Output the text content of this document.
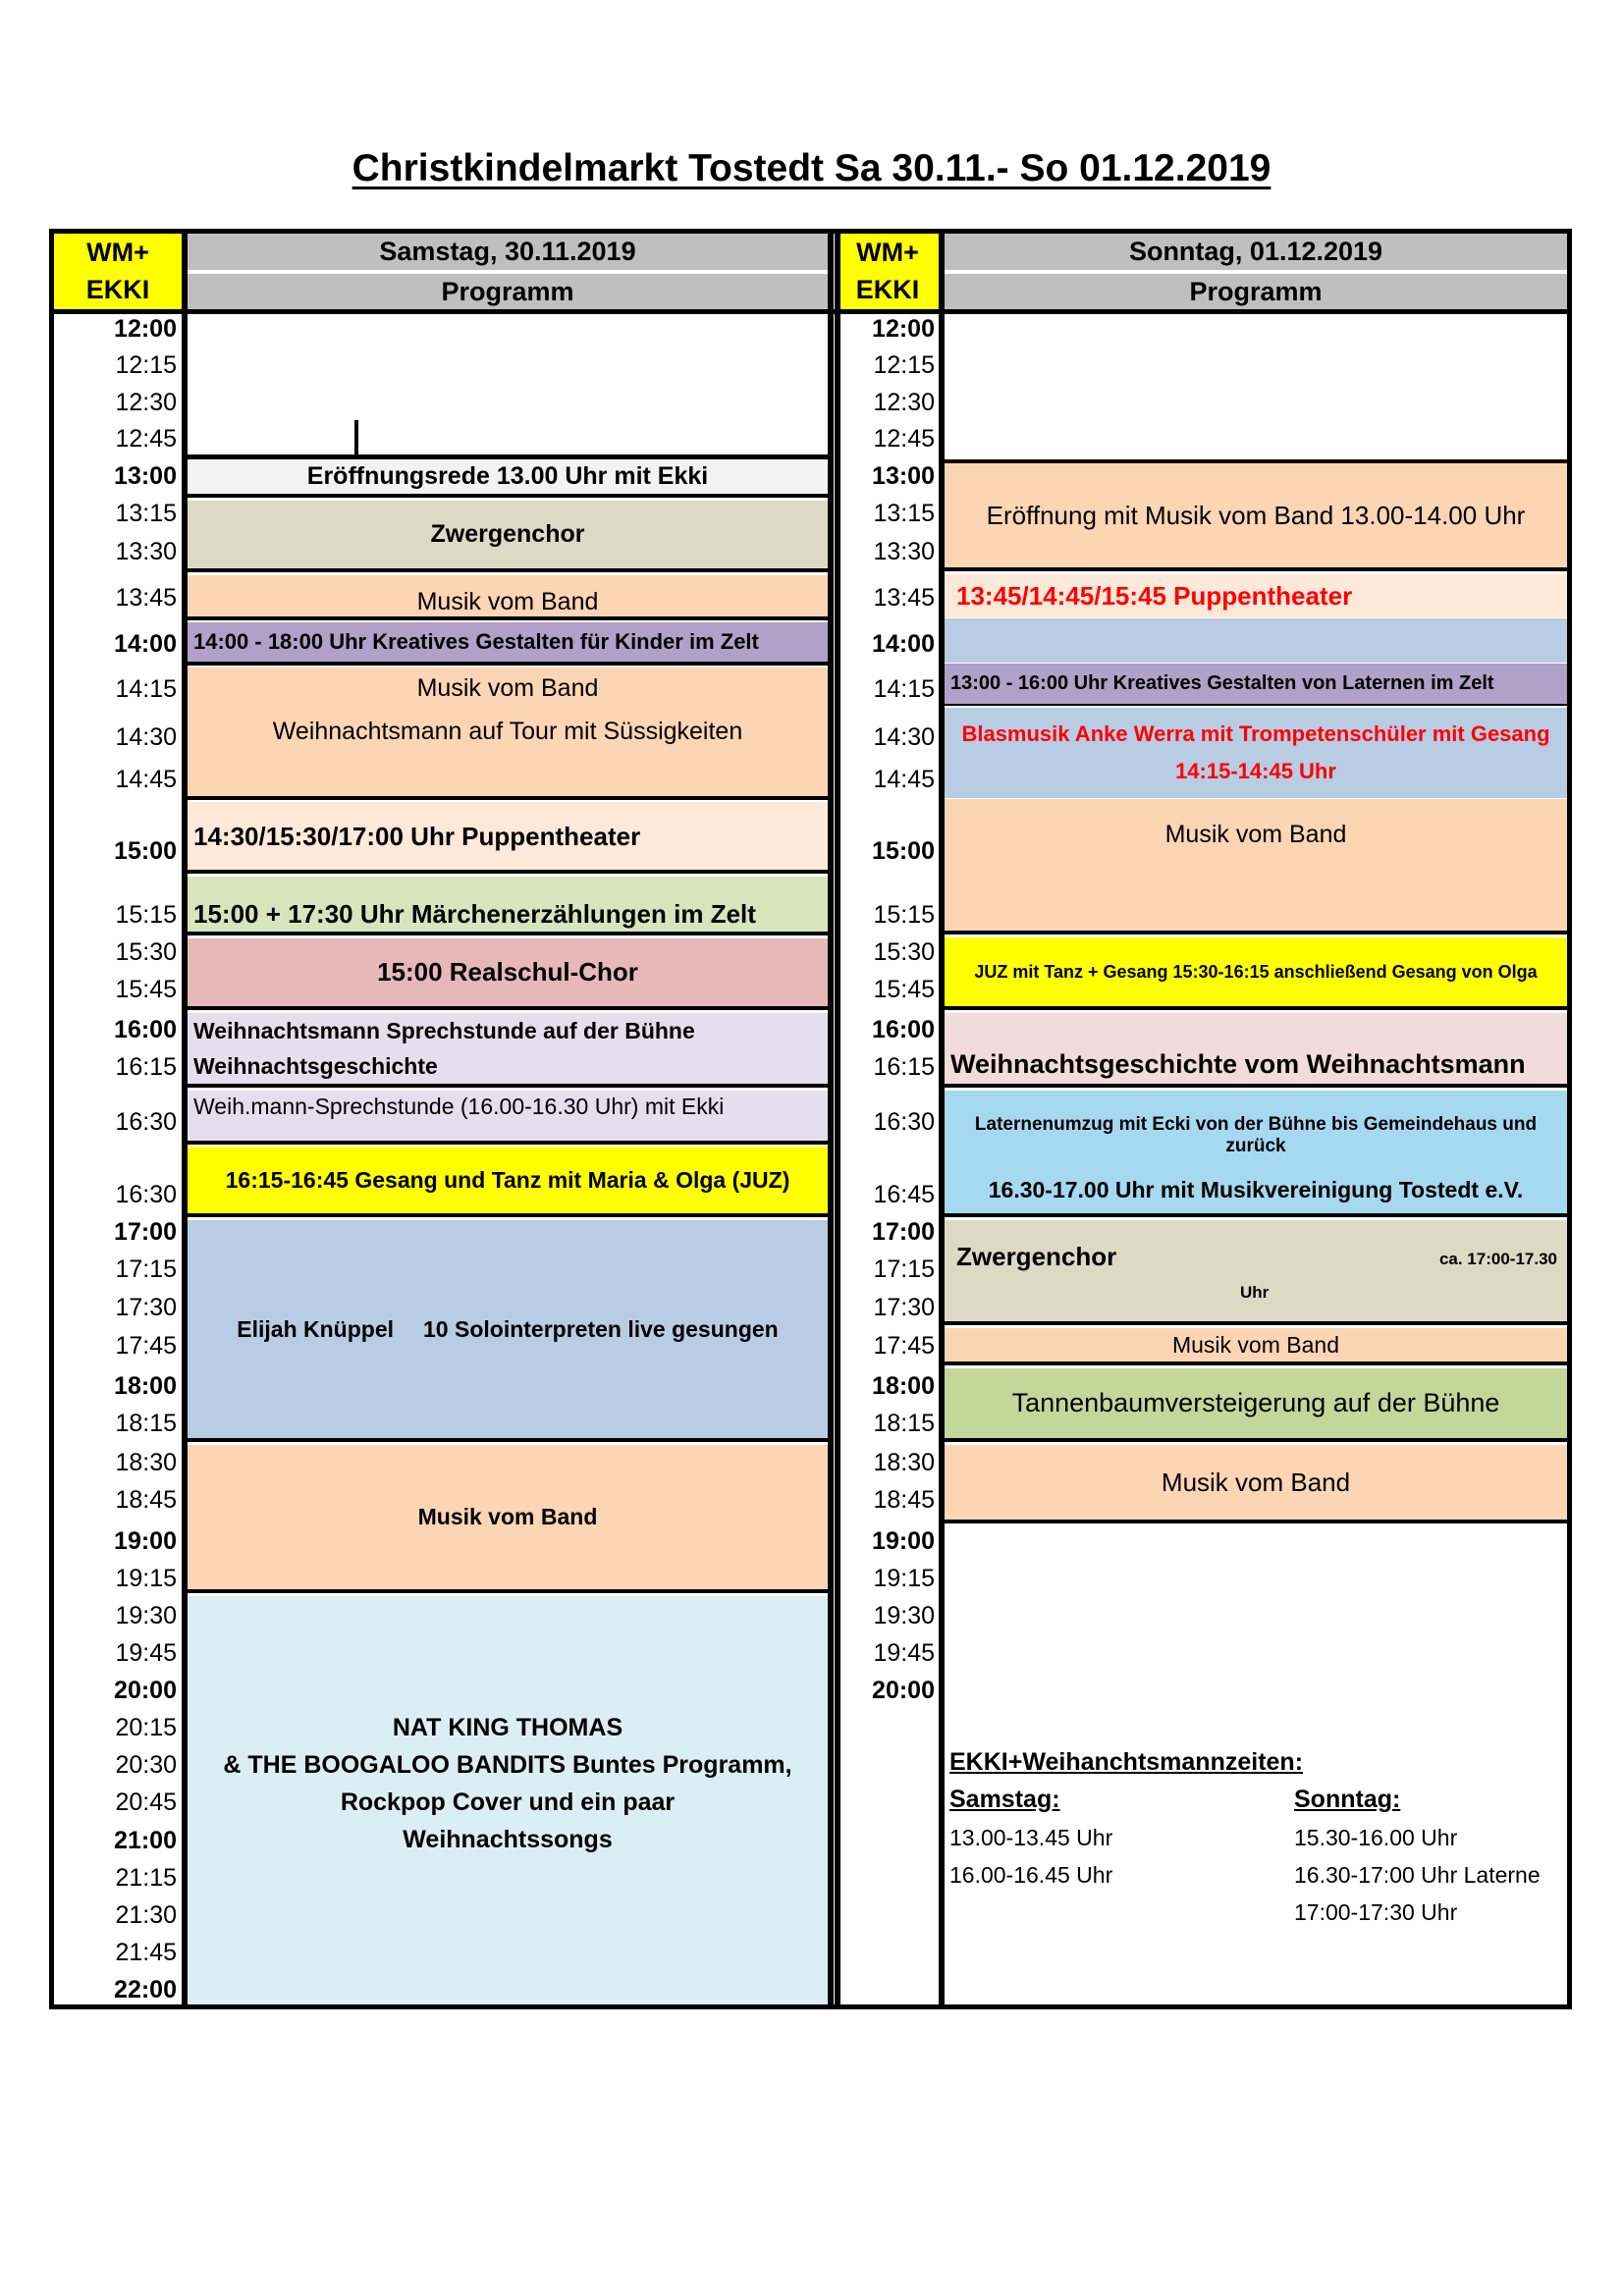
Christkindelmarkt Tostedt Sa 30.11.- So 01.12.2019
WM+
EKKI
Samstag, 30.11.2019
Programm
WM+
EKKI
Sonntag, 01.12.2019
Programm
Eröffnungsrede 13.00 Uhr mit Ekki
Zwergenchor
Musik vom Band
14:00 - 18:00 Uhr Kreatives Gestalten für Kinder im Zelt
Musik vom Band
Weihnachtsmann auf Tour mit Süssigkeiten
14:30/15:30/17:00 Uhr Puppentheater
15:00 + 17:30 Uhr Märchenerzählungen im Zelt
15:00 Realschul-Chor
Weihnachtsmann Sprechstunde auf der Bühne
Weihnachtsgeschichte
Weih.mann-Sprechstunde (16.00-16.30 Uhr) mit Ekki
16:15-16:45 Gesang und Tanz mit Maria & Olga (JUZ)
Elijah Knüppel 10 Solointerpreten live gesungen
Musik vom Band
NAT KING THOMAS
& THE BOOGALOO BANDITS Buntes Programm,
Rockpop Cover und ein paar
Weihnachtssongs
Eröffnung mit Musik vom Band 13.00-14.00 Uhr
13:45/14:45/15:45 Puppentheater
13:00 - 16:00 Uhr Kreatives Gestalten von Laternen im Zelt
Blasmusik Anke Werra mit Trompetenschüler mit Gesang
14:15-14:45 Uhr
Musik vom Band
JUZ mit Tanz + Gesang 15:30-16:15 anschließend Gesang von Olga
Weihnachtsgeschichte vom Weihnachtsmann
Laternenumzug mit Ecki von der Bühne bis Gemeindehaus und zurück
16.30-17.00 Uhr mit Musikvereinigung Tostedt e.V.
Zwergenchor	ca. 17:00-17.30
Uhr
Musik vom Band
Tannenbaumversteigerung auf der Bühne
Musik vom Band
12:00
12:15
12:30
12:45
13:00
13:15
13:30
13:45
14:00
14:15
14:30
14:45
15:00
15:15
15:30
15:45
16:00
16:15
16:30
16:30
17:00
17:15
17:30
17:45
18:00
18:15
18:30
18:45
19:00
19:15
19:30
19:45
20:00
20:15
20:30
20:45
21:00
21:15
21:30
21:45
22:00
12:00
12:15
12:30
12:45
13:00
13:15
13:30
13:45
14:00
14:15
14:30
14:45
15:00
15:15
15:30
15:45
16:00
16:15
16:30
16:45
17:00
17:15
17:30
17:45
18:00
18:15
18:30
18:45
19:00
19:15
19:30
19:45
20:00
EKKI+Weihanchtsmannzeiten:
Samstag:
13.00-13.45 Uhr
16.00-16.45 Uhr
Sonntag:
15.30-16.00 Uhr
16.30-17:00 Uhr Laterne
17:00-17:30 Uhr
